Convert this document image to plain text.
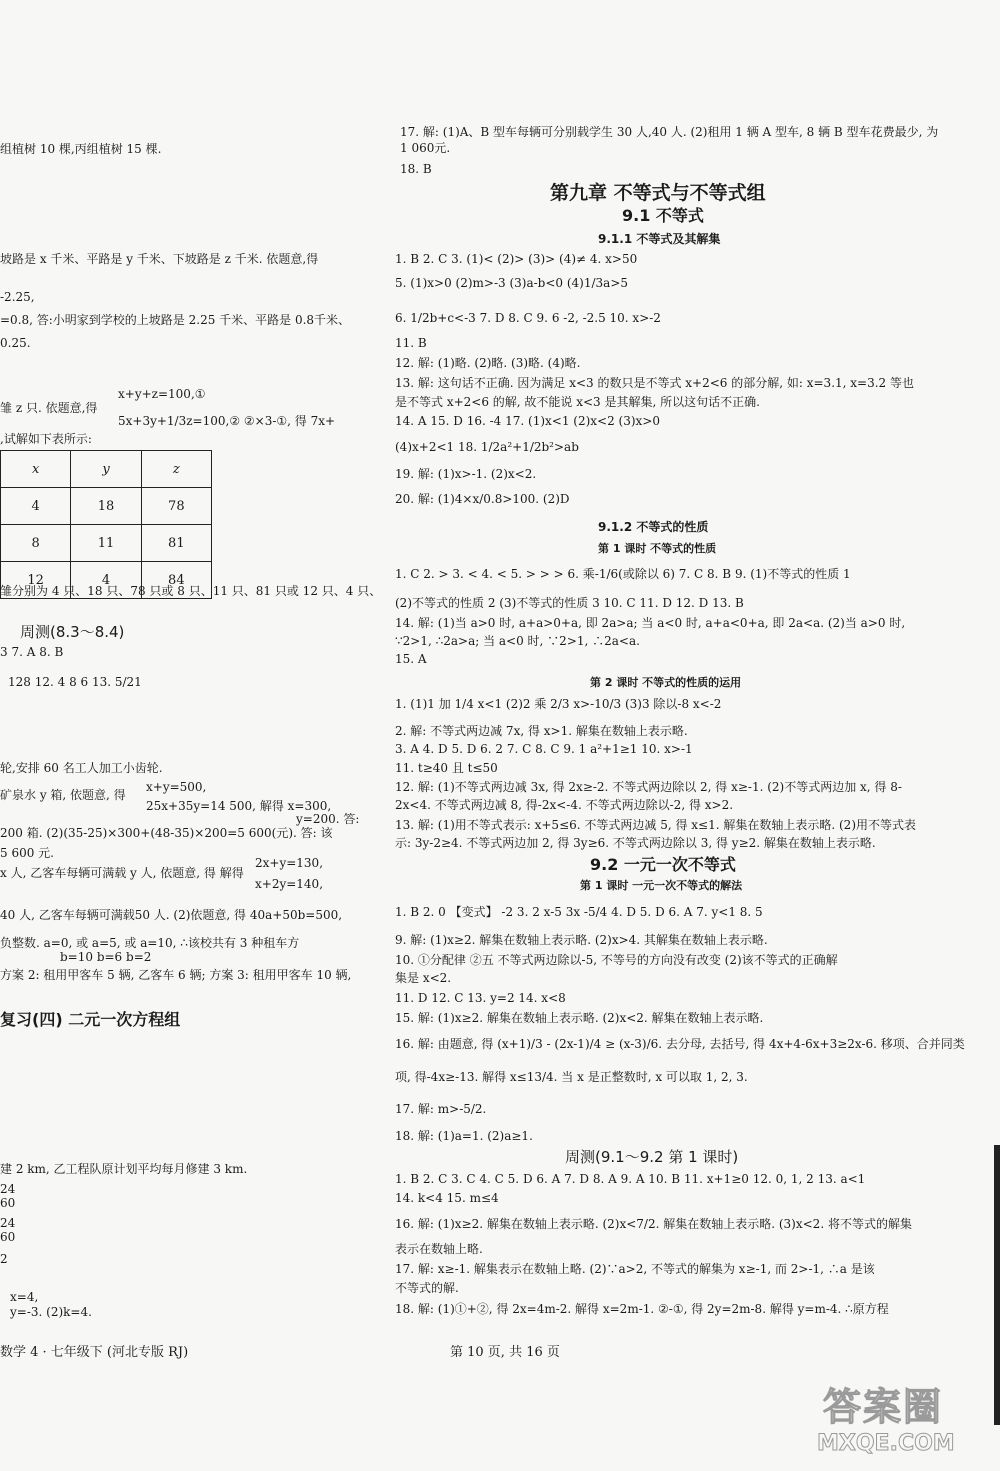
组植树 10 棵,丙组植树 15 棵.
坡路是 x 千米、平路是 y 千米、下坡路是 z 千米. 依题意,得
-2.25,
=0.8, 答:小明家到学校的上坡路是 2.25 千米、平路是 0.8千米、
0.25.
x+y+z=100,①
雏 z 只. 依题意,得
5x+3y+1/3z=100,② ②×3-①, 得 7x+
,试解如下表所示:
x	y	z
4	18	78
8	11	81
12	4	84
雏分别为 4 只、18 只、78 只或 8 只、11 只、81 只或 12 只、4 只、
周测(8.3～8.4)
3 7. A 8. B
128 12. 4 8 6 13. 5/21
轮,安排 60 名工人加工小齿轮.
x+y=500,
矿泉水 y 箱, 依题意, 得
25x+35y=14 500, 解得 x=300,
y=200. 答:
200 箱. (2)(35-25)×300+(48-35)×200=5 600(元). 答: 该
5 600 元.
2x+y=130,
x 人, 乙客车每辆可满载 y 人, 依题意, 得 解得
x+2y=140,
40 人, 乙客车每辆可满载50 人. (2)依题意, 得 40a+50b=500,
负整数. a=0, 或 a=5, 或 a=10, ∴该校共有 3 种租车方
b=10 b=6 b=2
方案 2: 租用甲客车 5 辆, 乙客车 6 辆; 方案 3: 租用甲客车 10 辆,
复习(四) 二元一次方程组
建 2 km, 乙工程队原计划平均每月修建 3 km.
24
60
24
60
2
x=4,
y=-3. (2)k=4.
数学 4 · 七年级下 (河北专版 RJ)
17. 解: (1)A、B 型车每辆可分别载学生 30 人,40 人. (2)租用 1 辆 A 型车, 8 辆 B 型车花费最少, 为
1 060元.
18. B
第九章 不等式与不等式组
9.1 不等式
9.1.1 不等式及其解集
1. B 2. C 3. (1)< (2)> (3)> (4)≠ 4. x>50
5. (1)x>0 (2)m>-3 (3)a-b<0 (4)1/3a>5
6. 1/2b+c<-3 7. D 8. C 9. 6 -2, -2.5 10. x>-2
11. B
12. 解: (1)略. (2)略. (3)略. (4)略.
13. 解: 这句话不正确. 因为满足 x<3 的数只是不等式 x+2<6 的部分解, 如: x=3.1, x=3.2 等也
是不等式 x+2<6 的解, 故不能说 x<3 是其解集, 所以这句话不正确.
14. A 15. D 16. -4 17. (1)x<1 (2)x<2 (3)x>0
(4)x+2<1 18. 1/2a²+1/2b²>ab
19. 解: (1)x>-1. (2)x<2.
20. 解: (1)4×x/0.8>100. (2)D
9.1.2 不等式的性质
第 1 课时 不等式的性质
1. C 2. > 3. < 4. < 5. > > > 6. 乘-1/6(或除以 6) 7. C 8. B 9. (1)不等式的性质 1
(2)不等式的性质 2 (3)不等式的性质 3 10. C 11. D 12. D 13. B
14. 解: (1)当 a>0 时, a+a>0+a, 即 2a>a; 当 a<0 时, a+a<0+a, 即 2a<a. (2)当 a>0 时,
∵2>1, ∴2a>a; 当 a<0 时, ∵2>1, ∴2a<a.
15. A
第 2 课时 不等式的性质的运用
1. (1)1 加 1/4 x<1 (2)2 乘 2/3 x>-10/3 (3)3 除以-8 x<-2
2. 解: 不等式两边减 7x, 得 x>1. 解集在数轴上表示略.
3. A 4. D 5. D 6. 2 7. C 8. C 9. 1 a²+1≥1 10. x>-1
11. t≥40 且 t≤50
12. 解: (1)不等式两边减 3x, 得 2x≥-2. 不等式两边除以 2, 得 x≥-1. (2)不等式两边加 x, 得 8-
2x<4. 不等式两边减 8, 得-2x<-4. 不等式两边除以-2, 得 x>2.
13. 解: (1)用不等式表示: x+5≤6. 不等式两边减 5, 得 x≤1. 解集在数轴上表示略. (2)用不等式表
示: 3y-2≥4. 不等式两边加 2, 得 3y≥6. 不等式两边除以 3, 得 y≥2. 解集在数轴上表示略.
9.2 一元一次不等式
第 1 课时 一元一次不等式的解法
1. B 2. 0 【变式】 -2 3. 2 x-5 3x -5/4 4. D 5. D 6. A 7. y<1 8. 5
9. 解: (1)x≥2. 解集在数轴上表示略. (2)x>4. 其解集在数轴上表示略.
10. ①分配律 ②五 不等式两边除以-5, 不等号的方向没有改变 (2)该不等式的正确解
集是 x<2.
11. D 12. C 13. y=2 14. x<8
15. 解: (1)x≥2. 解集在数轴上表示略. (2)x<2. 解集在数轴上表示略.
16. 解: 由题意, 得 (x+1)/3 - (2x-1)/4 ≥ (x-3)/6. 去分母, 去括号, 得 4x+4-6x+3≥2x-6. 移项、合并同类
项, 得-4x≥-13. 解得 x≤13/4. 当 x 是正整数时, x 可以取 1, 2, 3.
17. 解: m>-5/2.
18. 解: (1)a=1. (2)a≥1.
周测(9.1～9.2 第 1 课时)
1. B 2. C 3. C 4. C 5. D 6. A 7. D 8. A 9. A 10. B 11. x+1≥0 12. 0, 1, 2 13. a<1
14. k<4 15. m≤4
16. 解: (1)x≥2. 解集在数轴上表示略. (2)x<7/2. 解集在数轴上表示略. (3)x<2. 将不等式的解集
表示在数轴上略.
17. 解: x≥-1. 解集表示在数轴上略. (2)∵a>2, 不等式的解集为 x≥-1, 而 2>-1, ∴a 是该
不等式的解.
18. 解: (1)①+②, 得 2x=4m-2. 解得 x=2m-1. ②-①, 得 2y=2m-8. 解得 y=m-4. ∴原方程
第 10 页, 共 16 页
答案圈
MXQE.COM
